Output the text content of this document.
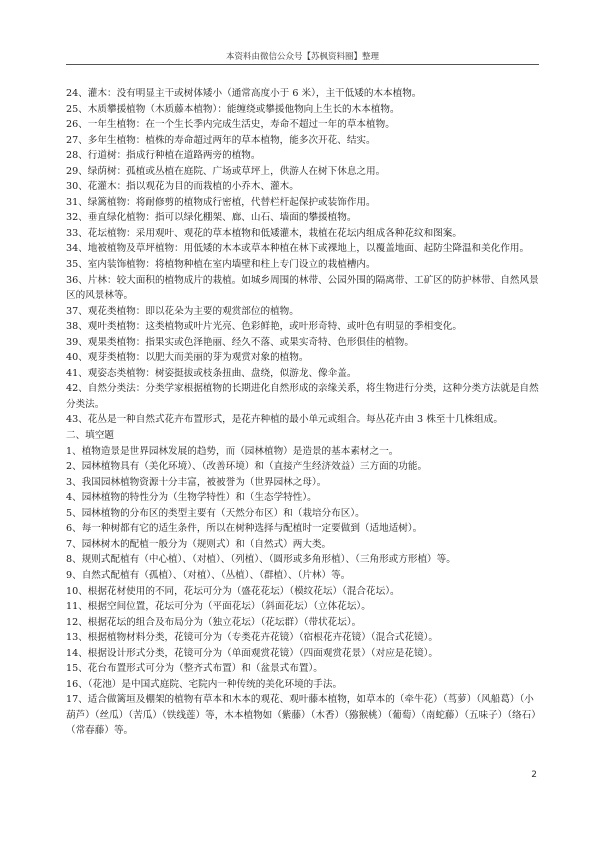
本资料由微信公众号【苏枫资料圈】整理
24、灌木：没有明显主干或树体矮小（通常高度小于 6 米），主干低矮的木本植物。
25、木质攀援植物（木质藤本植物）：能缠绕或攀援他物向上生长的木本植物。
26、一年生植物：在一个生长季内完成生活史，寿命不超过一年的草本植物。
27、多年生植物：植株的寿命超过两年的草本植物，能多次开花、结实。
28、行道树：指成行种植在道路两旁的植物。
29、绿荫树：孤植或丛植在庭院、广场或草坪上，供游人在树下休息之用。
30、花灌木：指以观花为目的而栽植的小乔木、灌木。
31、绿篱植物：将耐修剪的植物成行密植，代替栏杆起保护或装饰作用。
32、垂直绿化植物：指可以绿化棚架、廊、山石、墙面的攀援植物。
33、花坛植物：采用观叶、观花的草本植物和低矮灌木，栽植在花坛内组成各种花纹和图案。
34、地被植物及草坪植物：用低矮的木本或草本种植在林下或裸地上，以覆盖地面、起防尘降温和美化作用。
35、室内装饰植物：将植物种植在室内墙壁和柱上专门设立的栽植槽内。
36、片林：较大面积的植物成片的栽植。如城乡周围的林带、公园外围的隔离带、工矿区的防护林带、自然风景区的风景林等。
37、观花类植物：即以花朵为主要的观赏部位的植物。
38、观叶类植物：这类植物或叶片光亮、色彩鲜艳，或叶形奇特、或叶色有明显的季相变化。
39、观果类植物：指果实或色泽艳丽、经久不落、或果实奇特、色形俱佳的植物。
40、观芽类植物：以肥大而美丽的芽为观赏对象的植物。
41、观姿态类植物：树姿挺拔或枝条扭曲、盘绕，似游龙、像伞盖。
42、自然分类法：分类学家根据植物的长期进化自然形成的亲缘关系，将生物进行分类，这种分类方法就是自然分类法。
43、花丛是一种自然式花卉布置形式，是花卉种植的最小单元或组合。每丛花卉由 3 株至十几株组成。
二、填空题
1、植物造景是世界园林发展的趋势，而（园林植物）是造景的基本素材之一。
2、园林植物具有（美化环境）、（改善环境）和（直接产生经济效益）三方面的功能。
3、我国园林植物资源十分丰富，被被誉为（世界园林之母）。
4、园林植物的特性分为（生物学特性）和（生态学特性）。
5、园林植物的分布区的类型主要有（天然分布区）和（栽培分布区）。
6、每一种树都有它的适生条件，所以在树种选择与配植时一定要做到（适地适树）。
7、园林树木的配植一般分为（规则式）和（自然式）两大类。
8、规则式配植有（中心植）、（对植）、（列植）、（圆形或多角形植）、（三角形或方形植）等。
9、自然式配植有（孤植）、（对植）、（丛植）、（群植）、（片林）等。
10、根据花材使用的不同，花坛可分为（盛花花坛）（模纹花坛）（混合花坛）。
11、根据空间位置，花坛可分为（平面花坛）（斜面花坛）（立体花坛）。
12、根据花坛的组合及布局分为（独立花坛）（花坛群）（带状花坛）。
13、根据植物材料分类，花镜可分为（专类花卉花镜）（宿根花卉花镜）（混合式花镜）。
14、根据设计形式分类，花镜可分为（单面观赏花镜）（四面观赏花景）（对应是花镜）。
15、花台布置形式可分为（整齐式布置）和（盆景式布置）。
16、（花池）是中国式庭院、宅院内一种传统的美化环境的手法。
17、适合做篱垣及棚架的植物有草本和木本的观花、观叶藤本植物，如草本的（牵牛花）（茑萝）（风船葛）（小葫芦）（丝瓜）（苦瓜）（铁线莲）等，木本植物如（紫藤）（木香）（猕猴桃）（葡萄）（南蛇藤）（五味子）（络石）（常春藤）等。
2
